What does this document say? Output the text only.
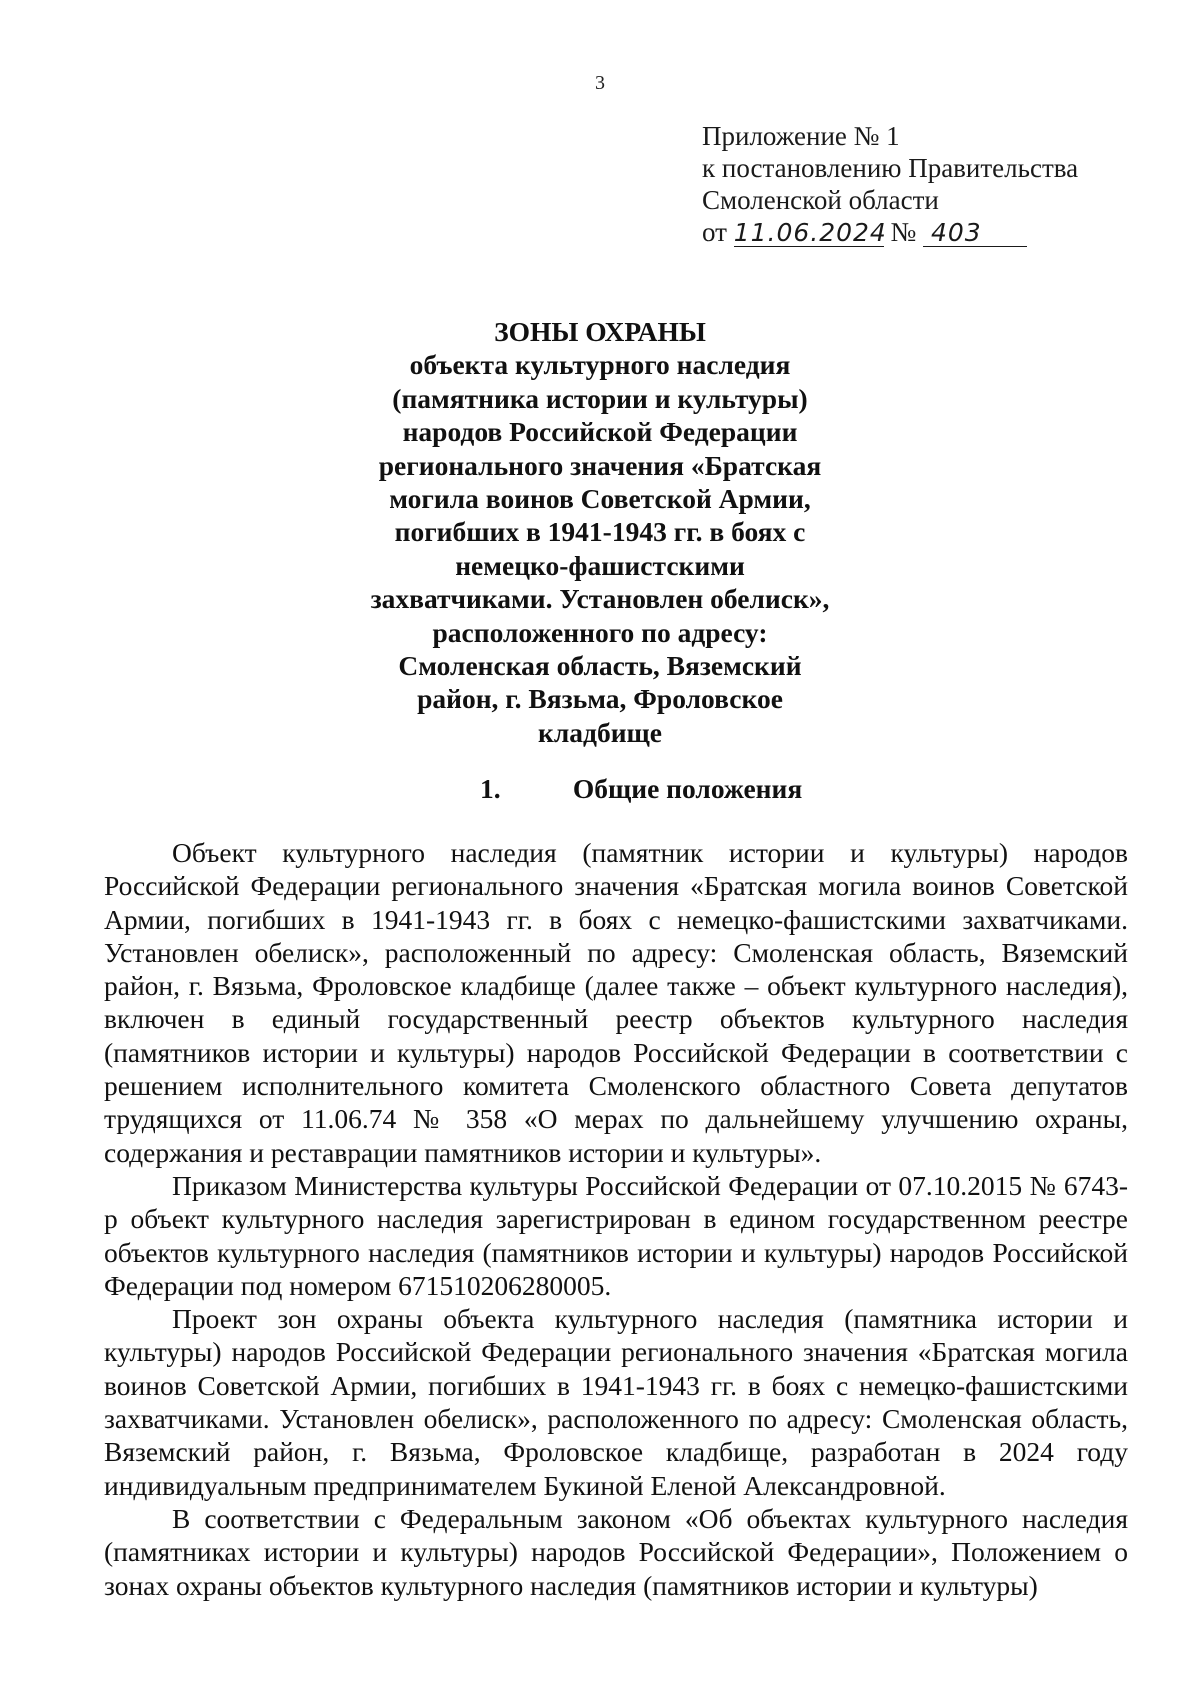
3
Приложение № 1
к постановлению Правительства
Смоленской области
от 11.06.2024 № 403
ЗОНЫ ОХРАНЫ
объекта культурного наследия
(памятника истории и культуры)
народов Российской Федерации
регионального значения «Братская
могила воинов Советской Армии,
погибших в 1941-1943 гг. в боях с
немецко-фашистскими
захватчиками. Установлен обелиск»,
расположенного по адресу:
Смоленская область, Вяземский
район, г. Вязьма, Фроловское
кладбище
1.	Общие положения

Объект культурного наследия (памятник истории и культуры) народов Российской Федерации регионального значения «Братская могила воинов Советской Армии, погибших в 1941-1943 гг. в боях с немецко-фашистскими захватчиками. Установлен обелиск», расположенный по адресу: Смоленская область, Вяземский район, г. Вязьма, Фроловское кладбище (далее также – объект культурного наследия), включен в единый государственный реестр объектов культурного наследия (памятников истории и культуры) народов Российской Федерации в соответствии с решением исполнительного комитета Смоленского областного Совета депутатов трудящихся от 11.06.74 № 358 «О мерах по дальнейшему улучшению охраны, содержания и реставрации памятников истории и культуры».

Приказом Министерства культуры Российской Федерации от 07.10.2015 № 6743-р объект культурного наследия зарегистрирован в едином государственном реестре объектов культурного наследия (памятников истории и культуры) народов Российской Федерации под номером 671510206280005.

Проект зон охраны объекта культурного наследия (памятника истории и культуры) народов Российской Федерации регионального значения «Братская могила воинов Советской Армии, погибших в 1941-1943 гг. в боях с немецко-фашистскими захватчиками. Установлен обелиск», расположенного по адресу: Смоленская область, Вяземский район, г. Вязьма, Фроловское кладбище, разработан в 2024 году индивидуальным предпринимателем Букиной Еленой Александровной.

В соответствии с Федеральным законом «Об объектах культурного наследия (памятниках истории и культуры) народов Российской Федерации», Положением о зонах охраны объектов культурного наследия (памятников истории и культуры)
